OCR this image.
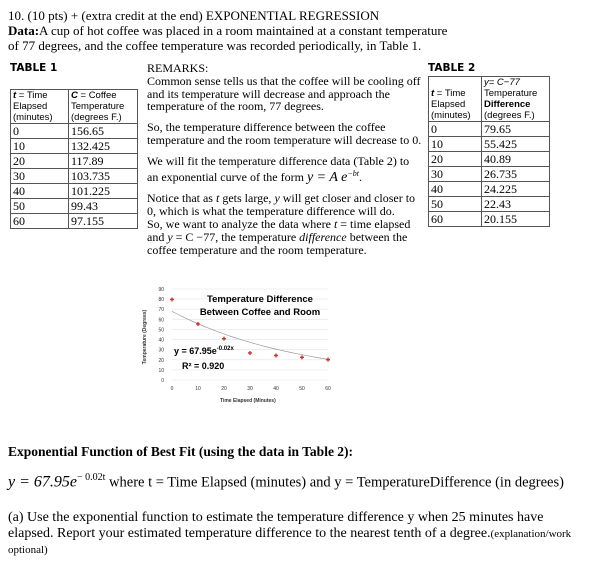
10. (10 pts) + (extra credit at the end) EXPONENTIAL REGRESSION
Data:A cup of hot coffee was placed in a room maintained at a constant temperature of 77 degrees, and the coffee temperature was recorded periodically, in Table 1.
TABLE 1
t = Time
Elapsed
(minutes)	C = Coffee
Temperature
(degrees F.)
0	156.65
10	132.425
20	117.89
30	103.735
40	101.225
50	99.43
60	97.155
TABLE 2
t = Time
Elapsed
(minutes)	y= C−77
Temperature
Difference
(degrees F.)
0	79.65
10	55.425
20	40.89
30	26.735
40	24.225
50	22.43
60	20.155
REMARKS:

Common sense tells us that the coffee will be cooling off and its temperature will decrease and approach the temperature of the room, 77 degrees.

So, the temperature difference between the coffee temperature and the room temperature will decrease to 0.

We will fit the temperature difference data (Table 2) to an exponential curve of the form y = A $e^{-bt}$.

Notice that as t gets large, y will get closer and closer to 0, which is what the temperature difference will do.

So, we want to analyze the data where t = time elapsed and y = C −77, the temperature difference between the coffee temperature and the room temperature.

0
10
20
30
40
50
60
70
80
90
0	10	20	30	40	50	60
Temperature Difference Between Coffee and Room
$y = 67.95e^{-0.02x}$
R² = 0.920
Time Elapsed (Minutes)
Temperature (Degrees)
Exponential Function of Best Fit (using the data in Table 2):
$y = 67.95e^{- 0.02t}$ where t = Time Elapsed (minutes) and y = TemperatureDifference (in degrees)
(a) Use the exponential function to estimate the temperature difference y when 25 minutes have elapsed. Report your estimated temperature difference to the nearest tenth of a degree.(explanation/work optional)
